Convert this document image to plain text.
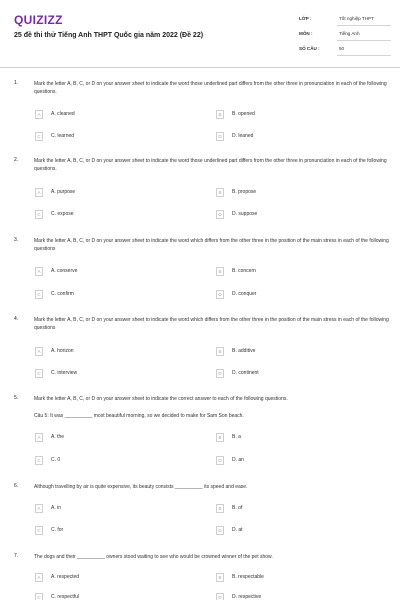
QUIZIZZ
25 đề thi thử Tiếng Anh THPT Quốc gia năm 2022 (Đề 22)
LỚP :	Tốt nghiệp THPT
MÔN :	Tiếng Anh
SỐ CÂU :	50
1.	Mark the letter A, B, C, or D on your answer sheet to indicate the word those underlined part differs from the other three in pronunciation in each of the following questions.
A	A. cleaned	B	B. opened
C	C. learned	D	D. leaned
2.	Mark the letter A, B, C, or D on your answer sheet to indicate the word those underlined part differs from the other three in pronunciation in each of the following questions.
A	A. purpose	B	B. propose
C	C. expose	D	D. suppose
3.	Mark the letter A, B, C, or D on your answer sheet to indicate the word which differs from the other three in the position of the main stress in each of the following questions
A	A. conserve	B	B. concern
C	C. confirm	D	D. conquer
4.	Mark the letter A, B, C, or D on your answer sheet to indicate the word which differs from the other three in the position of the main stress in each of the following questions
A	A. horizon	B	B. additive
C	C. interview	D	D. continent
5.	Mark the letter A, B, C, or D on your answer sheet to indicate the correct answer to each of the following questions.
Câu 5: It was __________ most beautiful morning, so we decided to make for Sam Son beach.
A	A. the	B	B. a
C	C. 0	D	D. an
6.	Although travelling by air is quite expensive, its beauty consists __________ its speed and ease.
A	A. in	B	B. of
C	C. for	D	D. at
7.	The dogs and their __________ owners stood waiting to see who would be crowned winner of the pet show.
A	A. respected	B	B. respectable
C	C. respectful	D	D. respective
